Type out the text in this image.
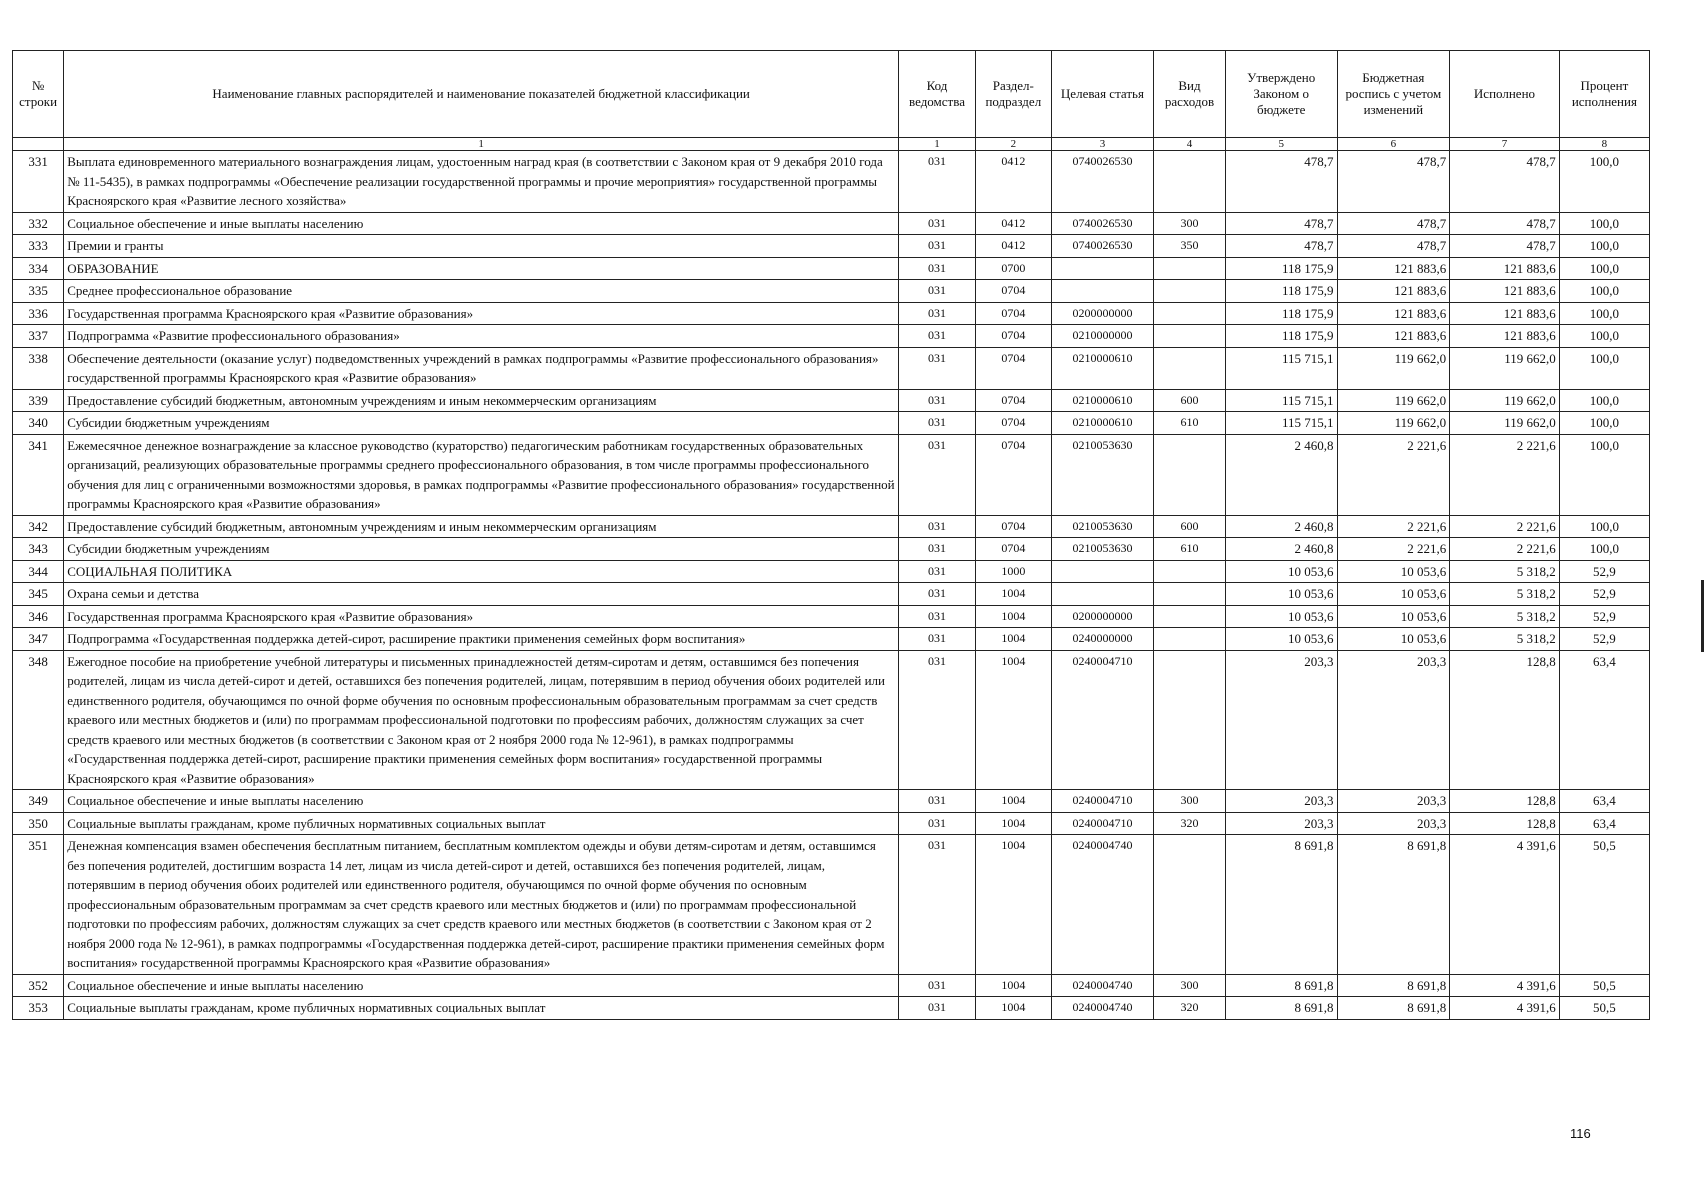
№ строки	Наименование главных распорядителей и наименование показателей бюджетной классификации	Код ведомства	Раздел-подраздел	Целевая статья	Вид расходов	Утверждено Законом о бюджете	Бюджетная роспись с учетом изменений	Исполнено	Процент исполнения
	1	1	2	3	4	5	6	7	8
331	Выплата единовременного материального вознаграждения лицам, удостоенным наград края (в соответствии с Законом края от 9 декабря 2010 года № 11-5435), в рамках подпрограммы «Обеспечение реализации государственной программы и прочие мероприятия» государственной программы Красноярского края «Развитие лесного хозяйства»	031	0412	0740026530		478,7	478,7	478,7	100,0
332	Социальное обеспечение и иные выплаты населению	031	0412	0740026530	300	478,7	478,7	478,7	100,0
333	Премии и гранты	031	0412	0740026530	350	478,7	478,7	478,7	100,0
334	ОБРАЗОВАНИЕ	031	0700			118 175,9	121 883,6	121 883,6	100,0
335	Среднее профессиональное образование	031	0704			118 175,9	121 883,6	121 883,6	100,0
336	Государственная программа Красноярского края «Развитие образования»	031	0704	0200000000		118 175,9	121 883,6	121 883,6	100,0
337	Подпрограмма «Развитие профессионального образования»	031	0704	0210000000		118 175,9	121 883,6	121 883,6	100,0
338	Обеспечение деятельности (оказание услуг) подведомственных учреждений в рамках подпрограммы «Развитие профессионального образования» государственной программы Красноярского края «Развитие образования»	031	0704	0210000610		115 715,1	119 662,0	119 662,0	100,0
339	Предоставление субсидий бюджетным, автономным учреждениям и иным некоммерческим организациям	031	0704	0210000610	600	115 715,1	119 662,0	119 662,0	100,0
340	Субсидии бюджетным учреждениям	031	0704	0210000610	610	115 715,1	119 662,0	119 662,0	100,0
341	Ежемесячное денежное вознаграждение за классное руководство (кураторство) педагогическим работникам государственных образовательных организаций, реализующих образовательные программы среднего профессионального образования, в том числе программы профессионального обучения для лиц с ограниченными возможностями здоровья, в рамках подпрограммы «Развитие профессионального образования» государственной программы Красноярского края «Развитие образования»	031	0704	0210053630		2 460,8	2 221,6	2 221,6	100,0
342	Предоставление субсидий бюджетным, автономным учреждениям и иным некоммерческим организациям	031	0704	0210053630	600	2 460,8	2 221,6	2 221,6	100,0
343	Субсидии бюджетным учреждениям	031	0704	0210053630	610	2 460,8	2 221,6	2 221,6	100,0
344	СОЦИАЛЬНАЯ ПОЛИТИКА	031	1000			10 053,6	10 053,6	5 318,2	52,9
345	Охрана семьи и детства	031	1004			10 053,6	10 053,6	5 318,2	52,9
346	Государственная программа Красноярского края «Развитие образования»	031	1004	0200000000		10 053,6	10 053,6	5 318,2	52,9
347	Подпрограмма «Государственная поддержка детей-сирот, расширение практики применения семейных форм воспитания»	031	1004	0240000000		10 053,6	10 053,6	5 318,2	52,9
348	Ежегодное пособие на приобретение учебной литературы и письменных принадлежностей детям-сиротам и детям, оставшимся без попечения родителей, лицам из числа детей-сирот и детей, оставшихся без попечения родителей, лицам, потерявшим в период обучения обоих родителей или единственного родителя, обучающимся по очной форме обучения по основным профессиональным образовательным программам за счет средств краевого или местных бюджетов и (или) по программам профессиональной подготовки по профессиям рабочих, должностям служащих за счет средств краевого или местных бюджетов (в соответствии с Законом края от 2 ноября 2000 года № 12-961), в рамках подпрограммы «Государственная поддержка детей-сирот, расширение практики применения семейных форм воспитания» государственной программы Красноярского края «Развитие образования»	031	1004	0240004710		203,3	203,3	128,8	63,4
349	Социальное обеспечение и иные выплаты населению	031	1004	0240004710	300	203,3	203,3	128,8	63,4
350	Социальные выплаты гражданам, кроме публичных нормативных социальных выплат	031	1004	0240004710	320	203,3	203,3	128,8	63,4
351	Денежная компенсация взамен обеспечения бесплатным питанием, бесплатным комплектом одежды и обуви детям-сиротам и детям, оставшимся без попечения родителей, достигшим возраста 14 лет, лицам из числа детей-сирот и детей, оставшихся без попечения родителей, лицам, потерявшим в период обучения обоих родителей или единственного родителя, обучающимся по очной форме обучения по основным профессиональным образовательным программам за счет средств краевого или местных бюджетов и (или) по программам профессиональной подготовки по профессиям рабочих, должностям служащих за счет средств краевого или местных бюджетов (в соответствии с Законом края от 2 ноября 2000 года № 12-961), в рамках подпрограммы «Государственная поддержка детей-сирот, расширение практики применения семейных форм воспитания» государственной программы Красноярского края «Развитие образования»	031	1004	0240004740		8 691,8	8 691,8	4 391,6	50,5
352	Социальное обеспечение и иные выплаты населению	031	1004	0240004740	300	8 691,8	8 691,8	4 391,6	50,5
353	Социальные выплаты гражданам, кроме публичных нормативных социальных выплат	031	1004	0240004740	320	8 691,8	8 691,8	4 391,6	50,5
116
